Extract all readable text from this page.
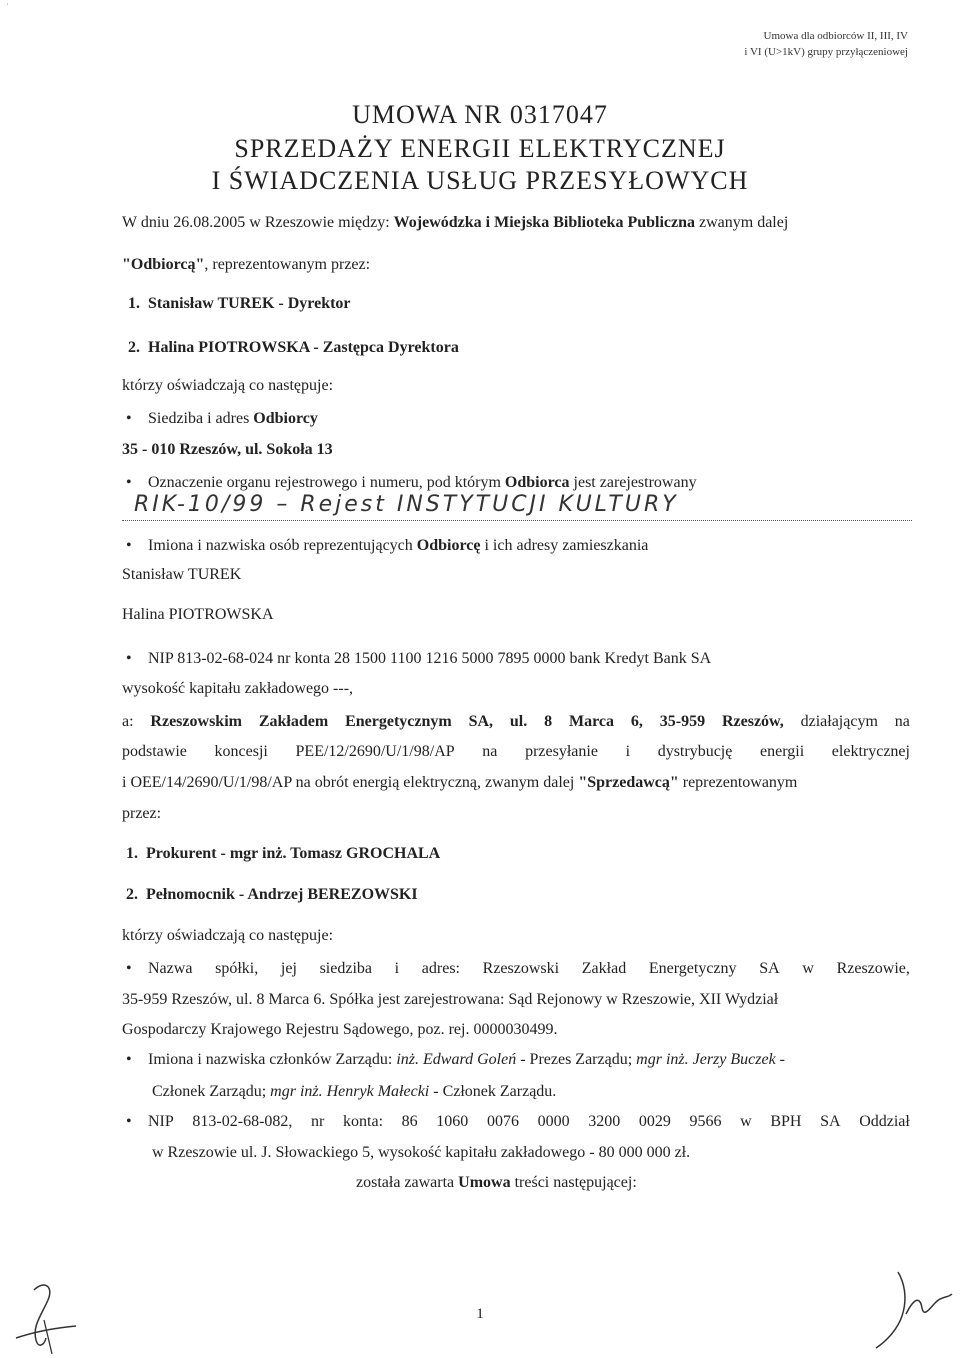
˙
Umowa dla odbiorców II, III, IV
i VI (U>1kV) grupy przyłączeniowej
UMOWA NR 0317047
SPRZEDAŻY ENERGII ELEKTRYCZNEJ
I ŚWIADCZENIA USŁUG PRZESYŁOWYCH
W dniu 26.08.2005 w Rzeszowie między: Wojewódzka i Miejska Biblioteka Publiczna zwanym dalej
"Odbiorcą", reprezentowanym przez:
1. Stanisław TUREK - Dyrektor
2. Halina PIOTROWSKA - Zastępca Dyrektora
którzy oświadczają co następuje:
• Siedziba i adres Odbiorcy
35 - 010 Rzeszów, ul. Sokoła 13
• Oznaczenie organu rejestrowego i numeru, pod którym Odbiorca jest zarejestrowany
RIK-10/99 – Rejest INSTYTUCJI KULTURY
• Imiona i nazwiska osób reprezentujących Odbiorcę i ich adresy zamieszkania
Stanisław TUREK
Halina PIOTROWSKA
• NIP 813-02-68-024 nr konta 28 1500 1100 1216 5000 7895 0000 bank Kredyt Bank SA
wysokość kapitału zakładowego ---,
a: Rzeszowskim Zakładem Energetycznym SA, ul. 8 Marca 6, 35-959 Rzeszów, działającym na
podstawie koncesji PEE/12/2690/U/1/98/AP na przesyłanie i dystrybucję energii elektrycznej
i OEE/14/2690/U/1/98/AP na obrót energią elektryczną, zwanym dalej "Sprzedawcą" reprezentowanym
przez:
1. Prokurent - mgr inż. Tomasz GROCHALA
2. Pełnomocnik - Andrzej BEREZOWSKI
którzy oświadczają co następuje:
•	Nazwa spółki, jej siedziba i adres: Rzeszowski Zakład Energetyczny SA w Rzeszowie,
35-959 Rzeszów, ul. 8 Marca 6. Spółka jest zarejestrowana: Sąd Rejonowy w Rzeszowie, XII Wydział
Gospodarczy Krajowego Rejestru Sądowego, poz. rej. 0000030499.
• Imiona i nazwiska członków Zarządu: inż. Edward Goleń - Prezes Zarządu; mgr inż. Jerzy Buczek -
Członek Zarządu; mgr inż. Henryk Małecki - Członek Zarządu.
•	NIP 813-02-68-082, nr konta: 86 1060 0076 0000 3200 0029 9566 w BPH SA Oddział
w Rzeszowie ul. J. Słowackiego 5, wysokość kapitału zakładowego - 80 000 000 zł.
została zawarta Umowa treści następującej:
1
